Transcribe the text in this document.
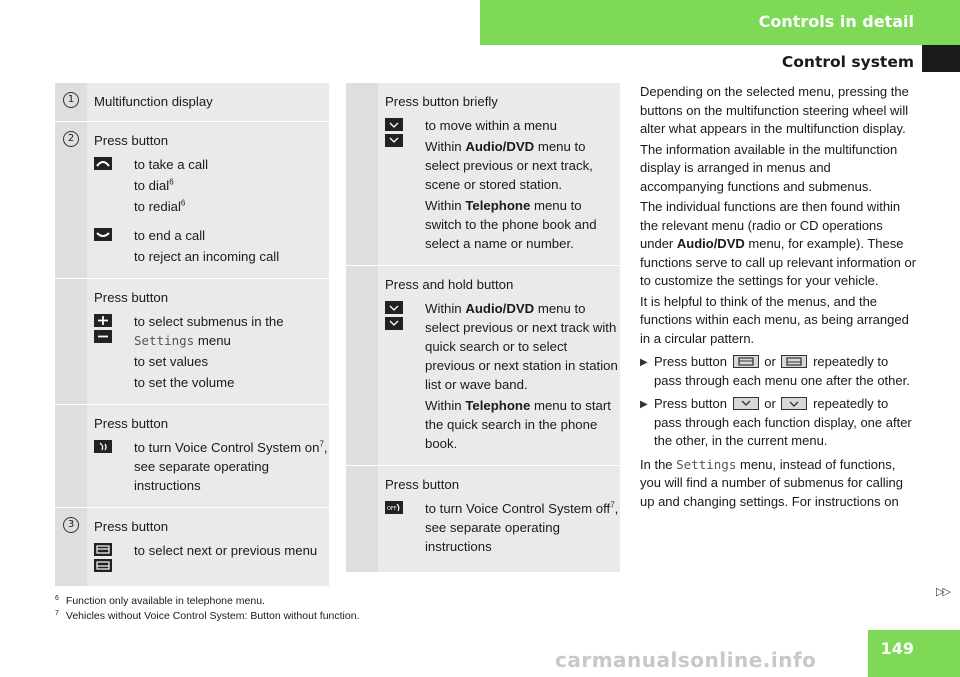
Controls in detail
Control system
1	Multifunction display
2	Press button

to take a call

to dial$^6$

to redial$^6$

to end a call

to reject an incoming call

Press button

to select submenus in the
Settings menu

to set values

to set the volume

Press button

to turn Voice Control System $on^7$, see separate operating instructions

3	Press button

to select next or previous menu

Press button briefly

to move within a menu

Within Audio/DVD menu to select previous or next track, scene or stored station.

Within Telephone menu to switch to the phone book and select a name or number.

Press and hold button

Within Audio/DVD menu to select previous or next track with quick search or to select previous or next station in station list or wave band.

Within Telephone menu to start the quick search in the phone book.

Press button
OFF to turn Voice Control System off$^7$, see separate operating instructions

Depending on the selected menu, pressing the buttons on the multifunction steering wheel will alter what appears in the multifunction display.

The information available in the multifunction display is arranged in menus and accompanying functions and submenus.

The individual functions are then found within the relevant menu (radio or CD operations under Audio/DVD menu, for example). These functions serve to call up relevant information or to customize the settings for your vehicle.

It is helpful to think of the menus, and the functions within each menu, as being arranged in a circular pattern.

▶ Press button	or	repeatedly to pass through each menu one after the other.
▶ Press button	or	repeatedly to pass through each function display, one after the other, in the current menu.

In the Settings menu, instead of functions, you will find a number of submenus for calling up and changing settings. For instructions on

$^6$ Function only available in telephone menu.
$^7$ Vehicles without Voice Control System: Button without function.
▷▷
149
carmanualsonline.info
